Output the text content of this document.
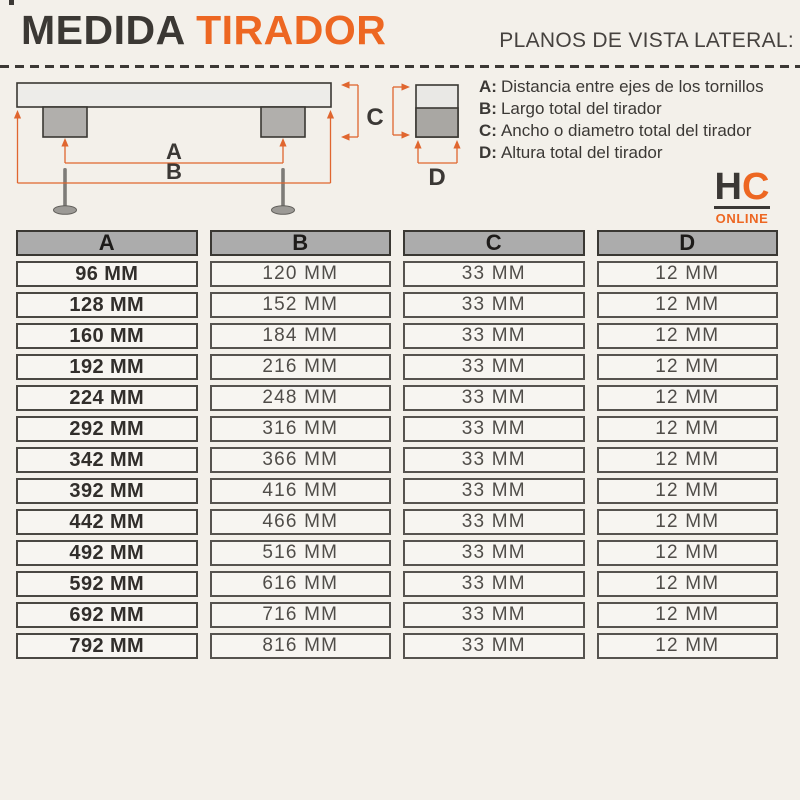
MEDIDA TIRADOR	PLANOS DE VISTA LATERAL:
A
B
C
D
A: Distancia entre ejes de los tornillos
B: Largo total del tirador
C: Ancho o diametro total del tirador
D: Altura total del tirador
HC
ONLINE
A	B	C	D
96 MM	120 MM	33 MM	12 MM
128 MM	152 MM	33 MM	12 MM
160 MM	184 MM	33 MM	12 MM
192 MM	216 MM	33 MM	12 MM
224 MM	248 MM	33 MM	12 MM
292 MM	316 MM	33 MM	12 MM
342 MM	366 MM	33 MM	12 MM
392 MM	416 MM	33 MM	12 MM
442 MM	466 MM	33 MM	12 MM
492 MM	516 MM	33 MM	12 MM
592 MM	616 MM	33 MM	12 MM
692 MM	716 MM	33 MM	12 MM
792 MM	816 MM	33 MM	12 MM
